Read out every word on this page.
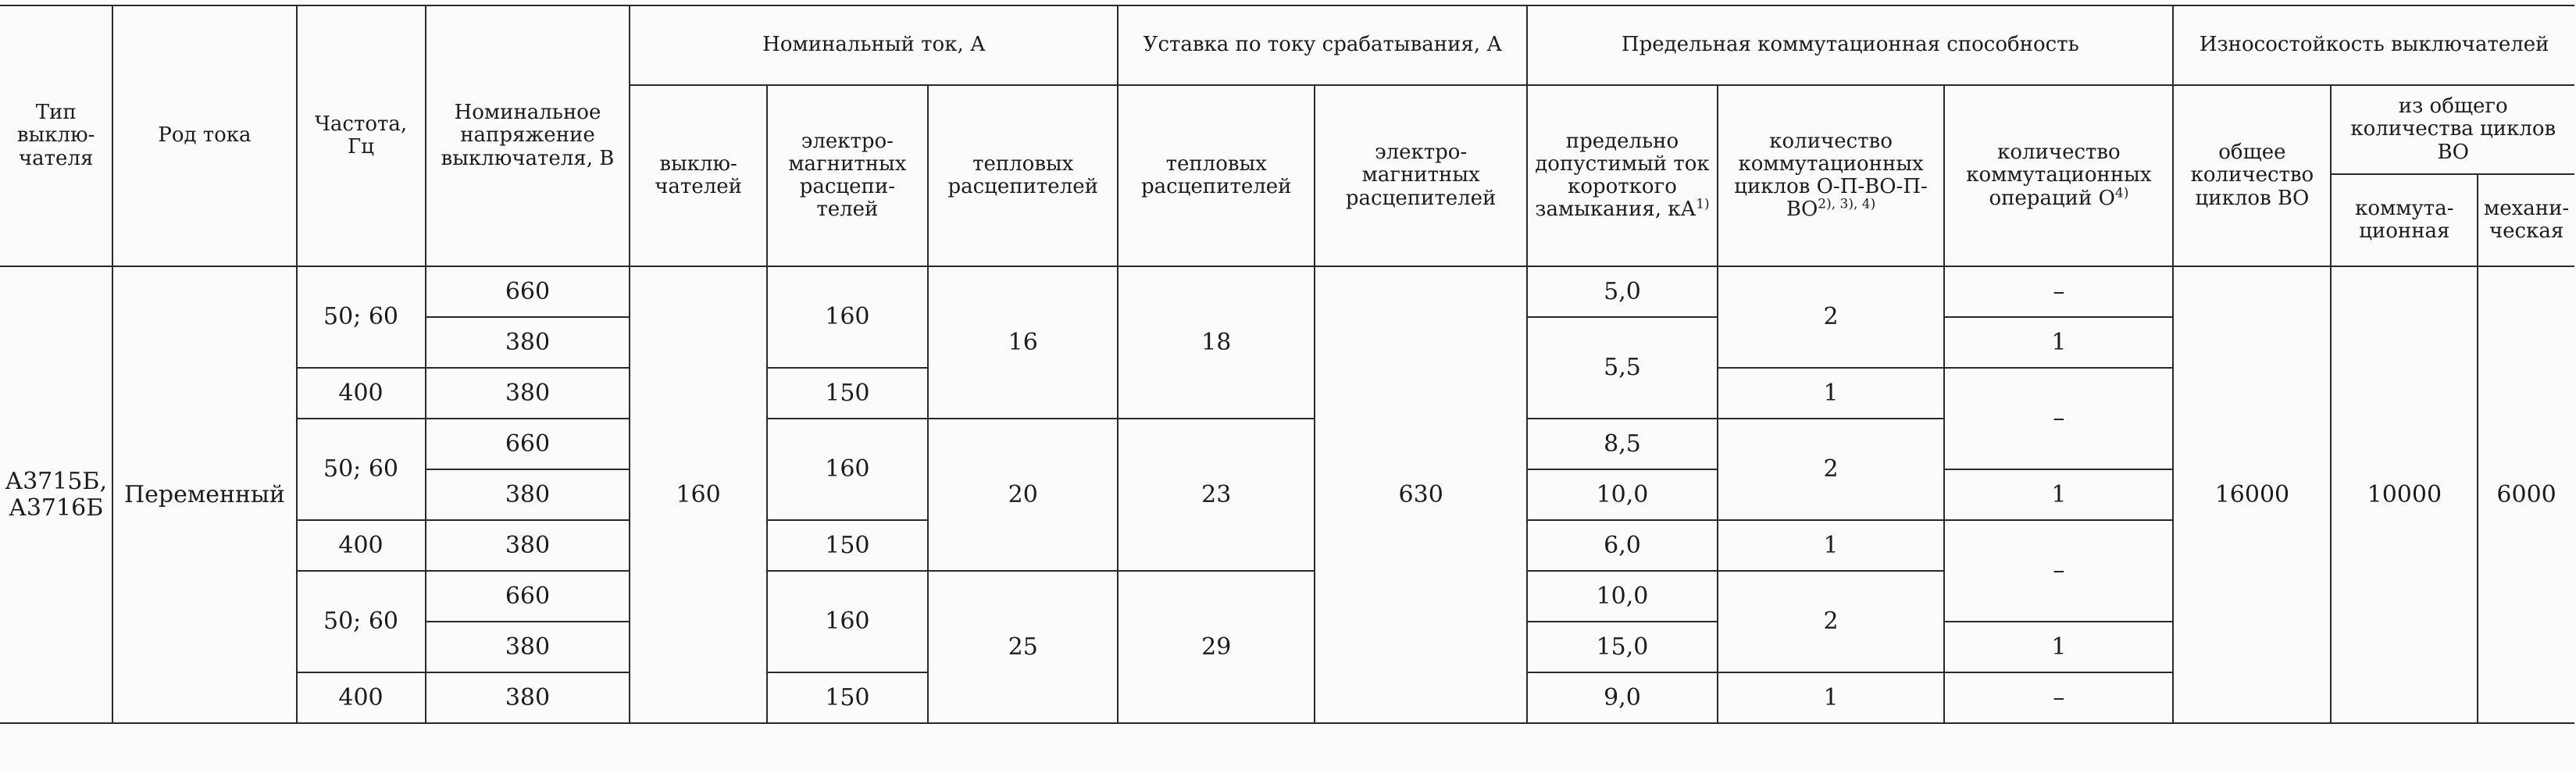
Тип выклю-чателя	Род тока	Частота, Гц	Номинальное напряжение выключателя, В	Номинальный ток, А			Уставка по току срабатывания, А		Предельная коммутационная способность			Износостойкость выключателей		
				выклю-чателей	электро-магнитных расцепи-телей	тепловых расцепителей	тепловых расцепителей	электро-магнитных расцепителей	предельно допустимый ток короткого замыкания, кА$^{1)}$	количество коммутационных циклов О-П-ВО-П-ВО$^{2), 3), 4)}$	количество коммутационных операций О$^{4)}$	общее количество циклов ВО	из общего количества циклов ВО	
													коммута-ционная	механи-ческая
А3715Б, А3716Б	Переменный	50; 60	660	160	160	16	18	630	5,0	2	–	16000	10000	6000
			380						5,5		1			
		400	380		150					1	–			
		50; 60	660		160	20	23		8,5	2				
			380						10,0		1			
		400	380		150				6,0	1	–			
		50; 60	660		160	25	29		10,0	2				
			380						15,0		1			
		400	380		150				9,0	1	–			
